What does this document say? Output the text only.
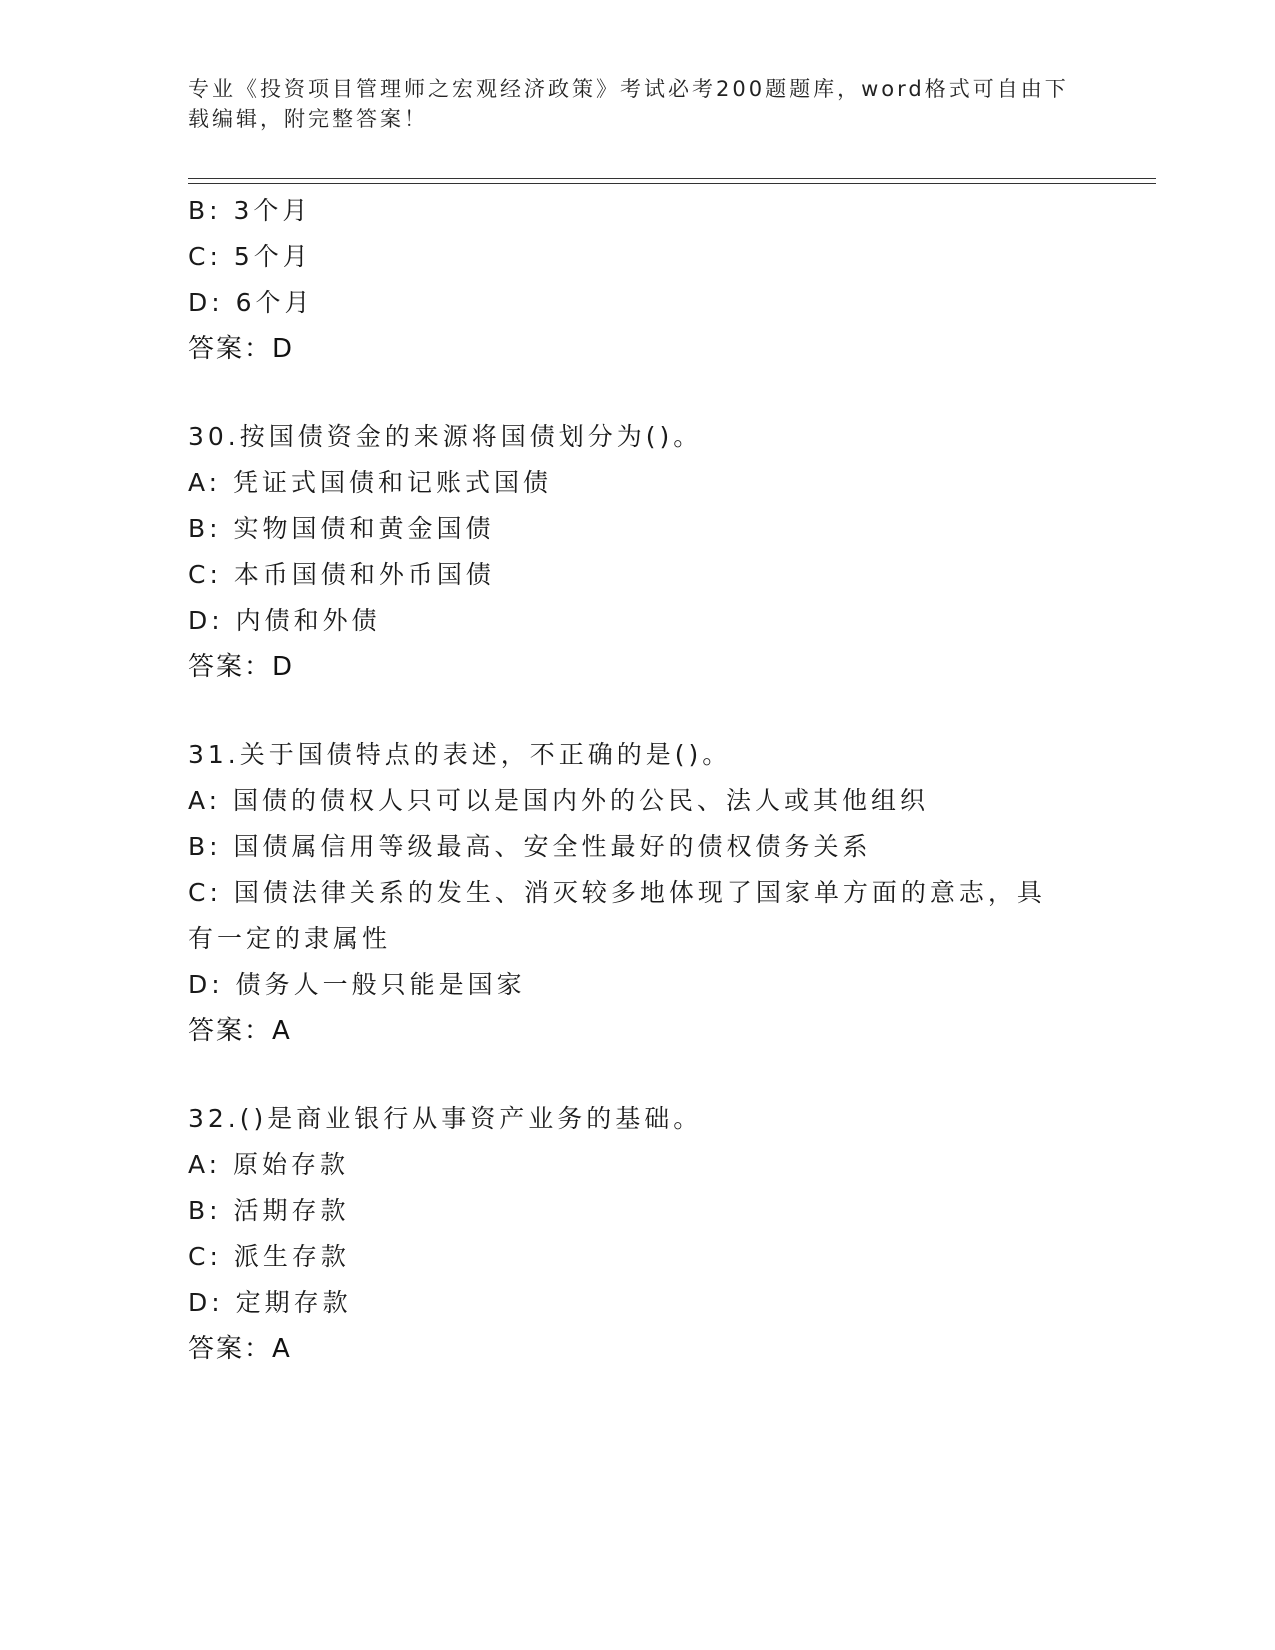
专业《投资项目管理师之宏观经济政策》考试必考200题题库，word格式可自由下载编辑，附完整答案！
B: 3个月
C: 5个月
D: 6个月
答案：D
30.按国债资金的来源将国债划分为()。
A: 凭证式国债和记账式国债
B: 实物国债和黄金国债
C: 本币国债和外币国债
D: 内债和外债
答案：D
31.关于国债特点的表述，不正确的是()。
A: 国债的债权人只可以是国内外的公民、法人或其他组织
B: 国债属信用等级最高、安全性最好的债权债务关系
C: 国债法律关系的发生、消灭较多地体现了国家单方面的意志，具有一定的隶属性
D: 债务人一般只能是国家
答案：A
32.()是商业银行从事资产业务的基础。
A: 原始存款
B: 活期存款
C: 派生存款
D: 定期存款
答案：A
